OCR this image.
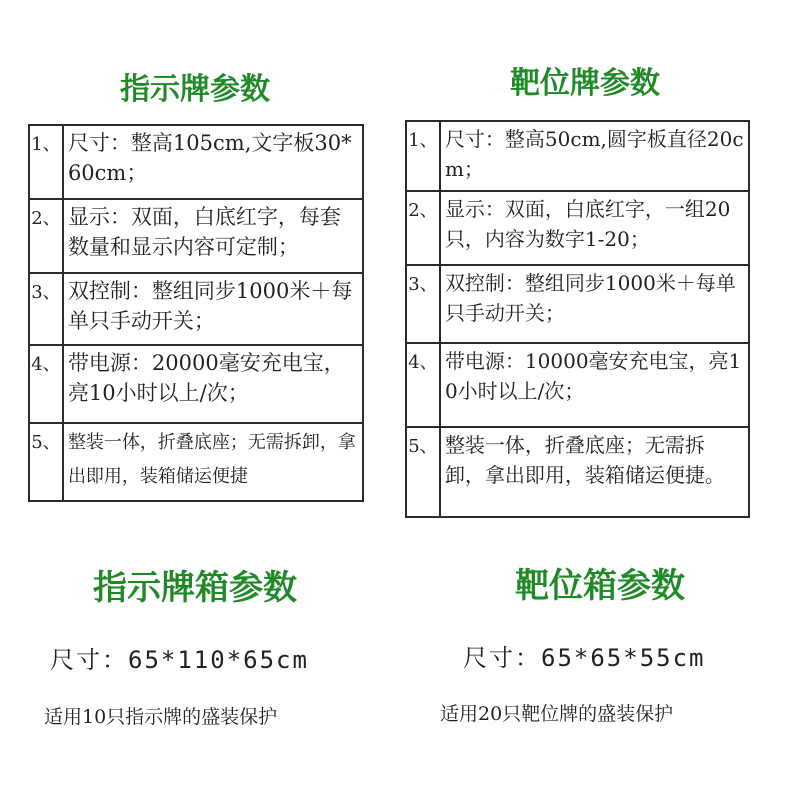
指示牌参数	靶位牌参数
1、	尺寸：整高105cm,文字板30*60cm；
2、	显示：双面，白底红字，每套数量和显示内容可定制；
3、	双控制：整组同步1000米＋每单只手动开关；
4、	带电源：20000毫安充电宝，亮10小时以上/次；
5、	整装一体，折叠底座；无需拆卸，拿出即用，装箱储运便捷
1、	尺寸：整高50cm,圆字板直径20cm；
2、	显示：双面，白底红字，一组20只，内容为数字1-20；
3、	双控制：整组同步1000米＋每单只手动开关；
4、	带电源：10000毫安充电宝，亮10小时以上/次；
5、	整装一体，折叠底座；无需拆卸，拿出即用，装箱储运便捷。
指示牌箱参数	靶位箱参数
尺寸：65*110*65cm	尺寸：65*65*55cm
适用10只指示牌的盛装保护	适用20只靶位牌的盛装保护
